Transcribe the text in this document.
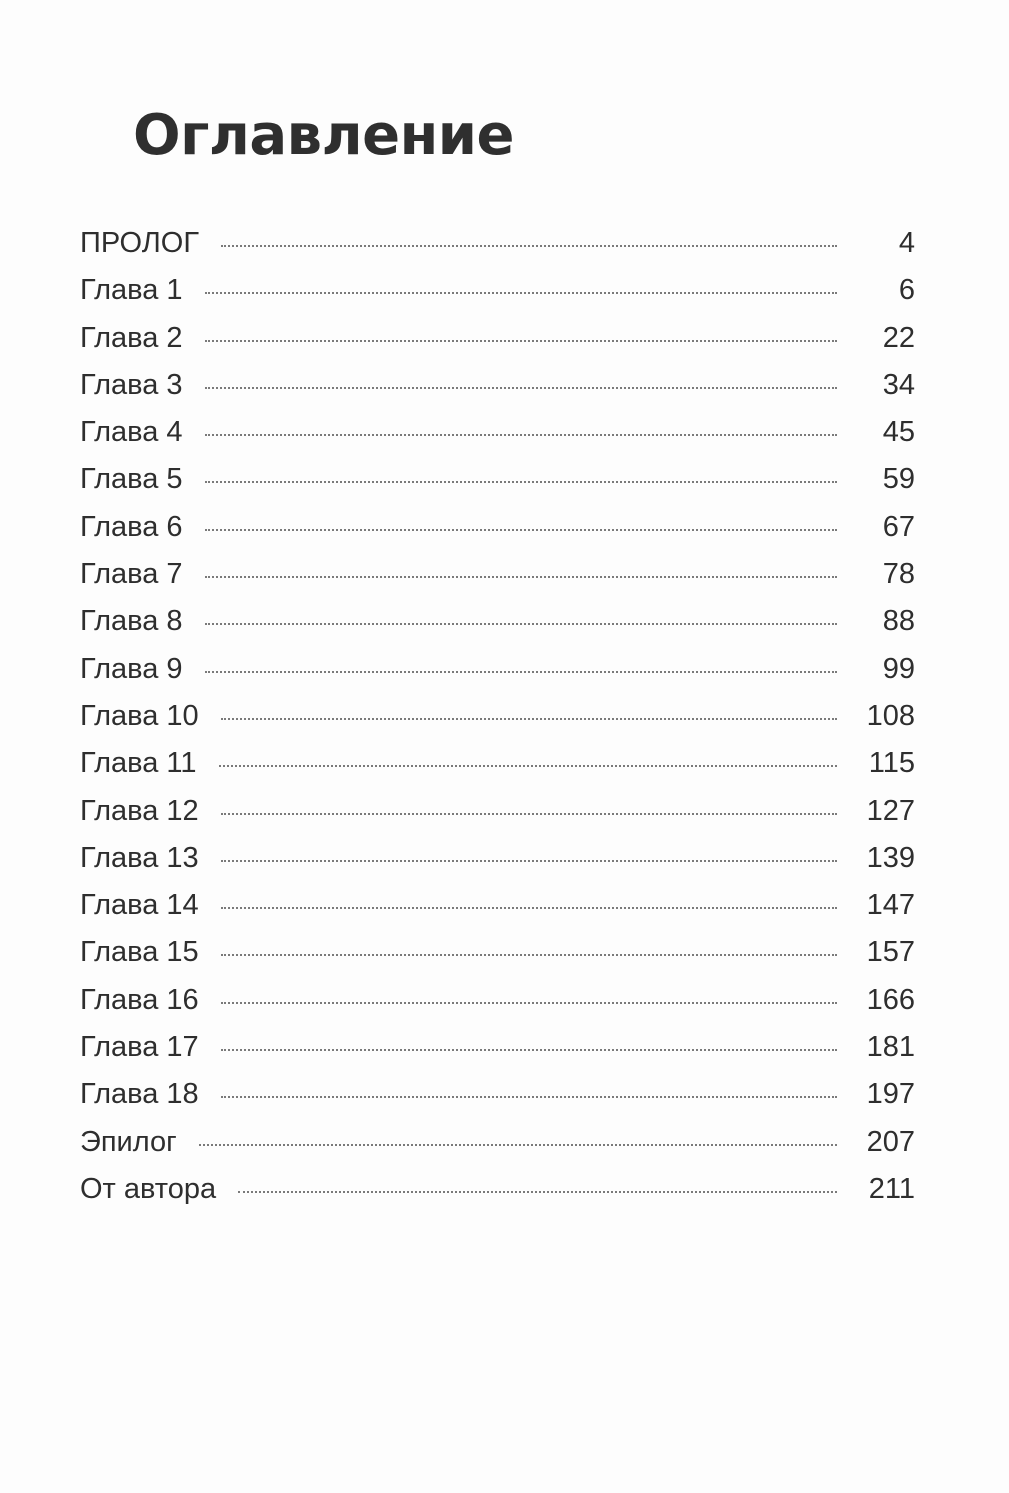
Оглавление
ПРОЛОГ	4
Глава 1	6
Глава 2	22
Глава 3	34
Глава 4	45
Глава 5	59
Глава 6	67
Глава 7	78
Глава 8	88
Глава 9	99
Глава 10	108
Глава 11	115
Глава 12	127
Глава 13	139
Глава 14	147
Глава 15	157
Глава 16	166
Глава 17	181
Глава 18	197
Эпилог	207
От автора	211
